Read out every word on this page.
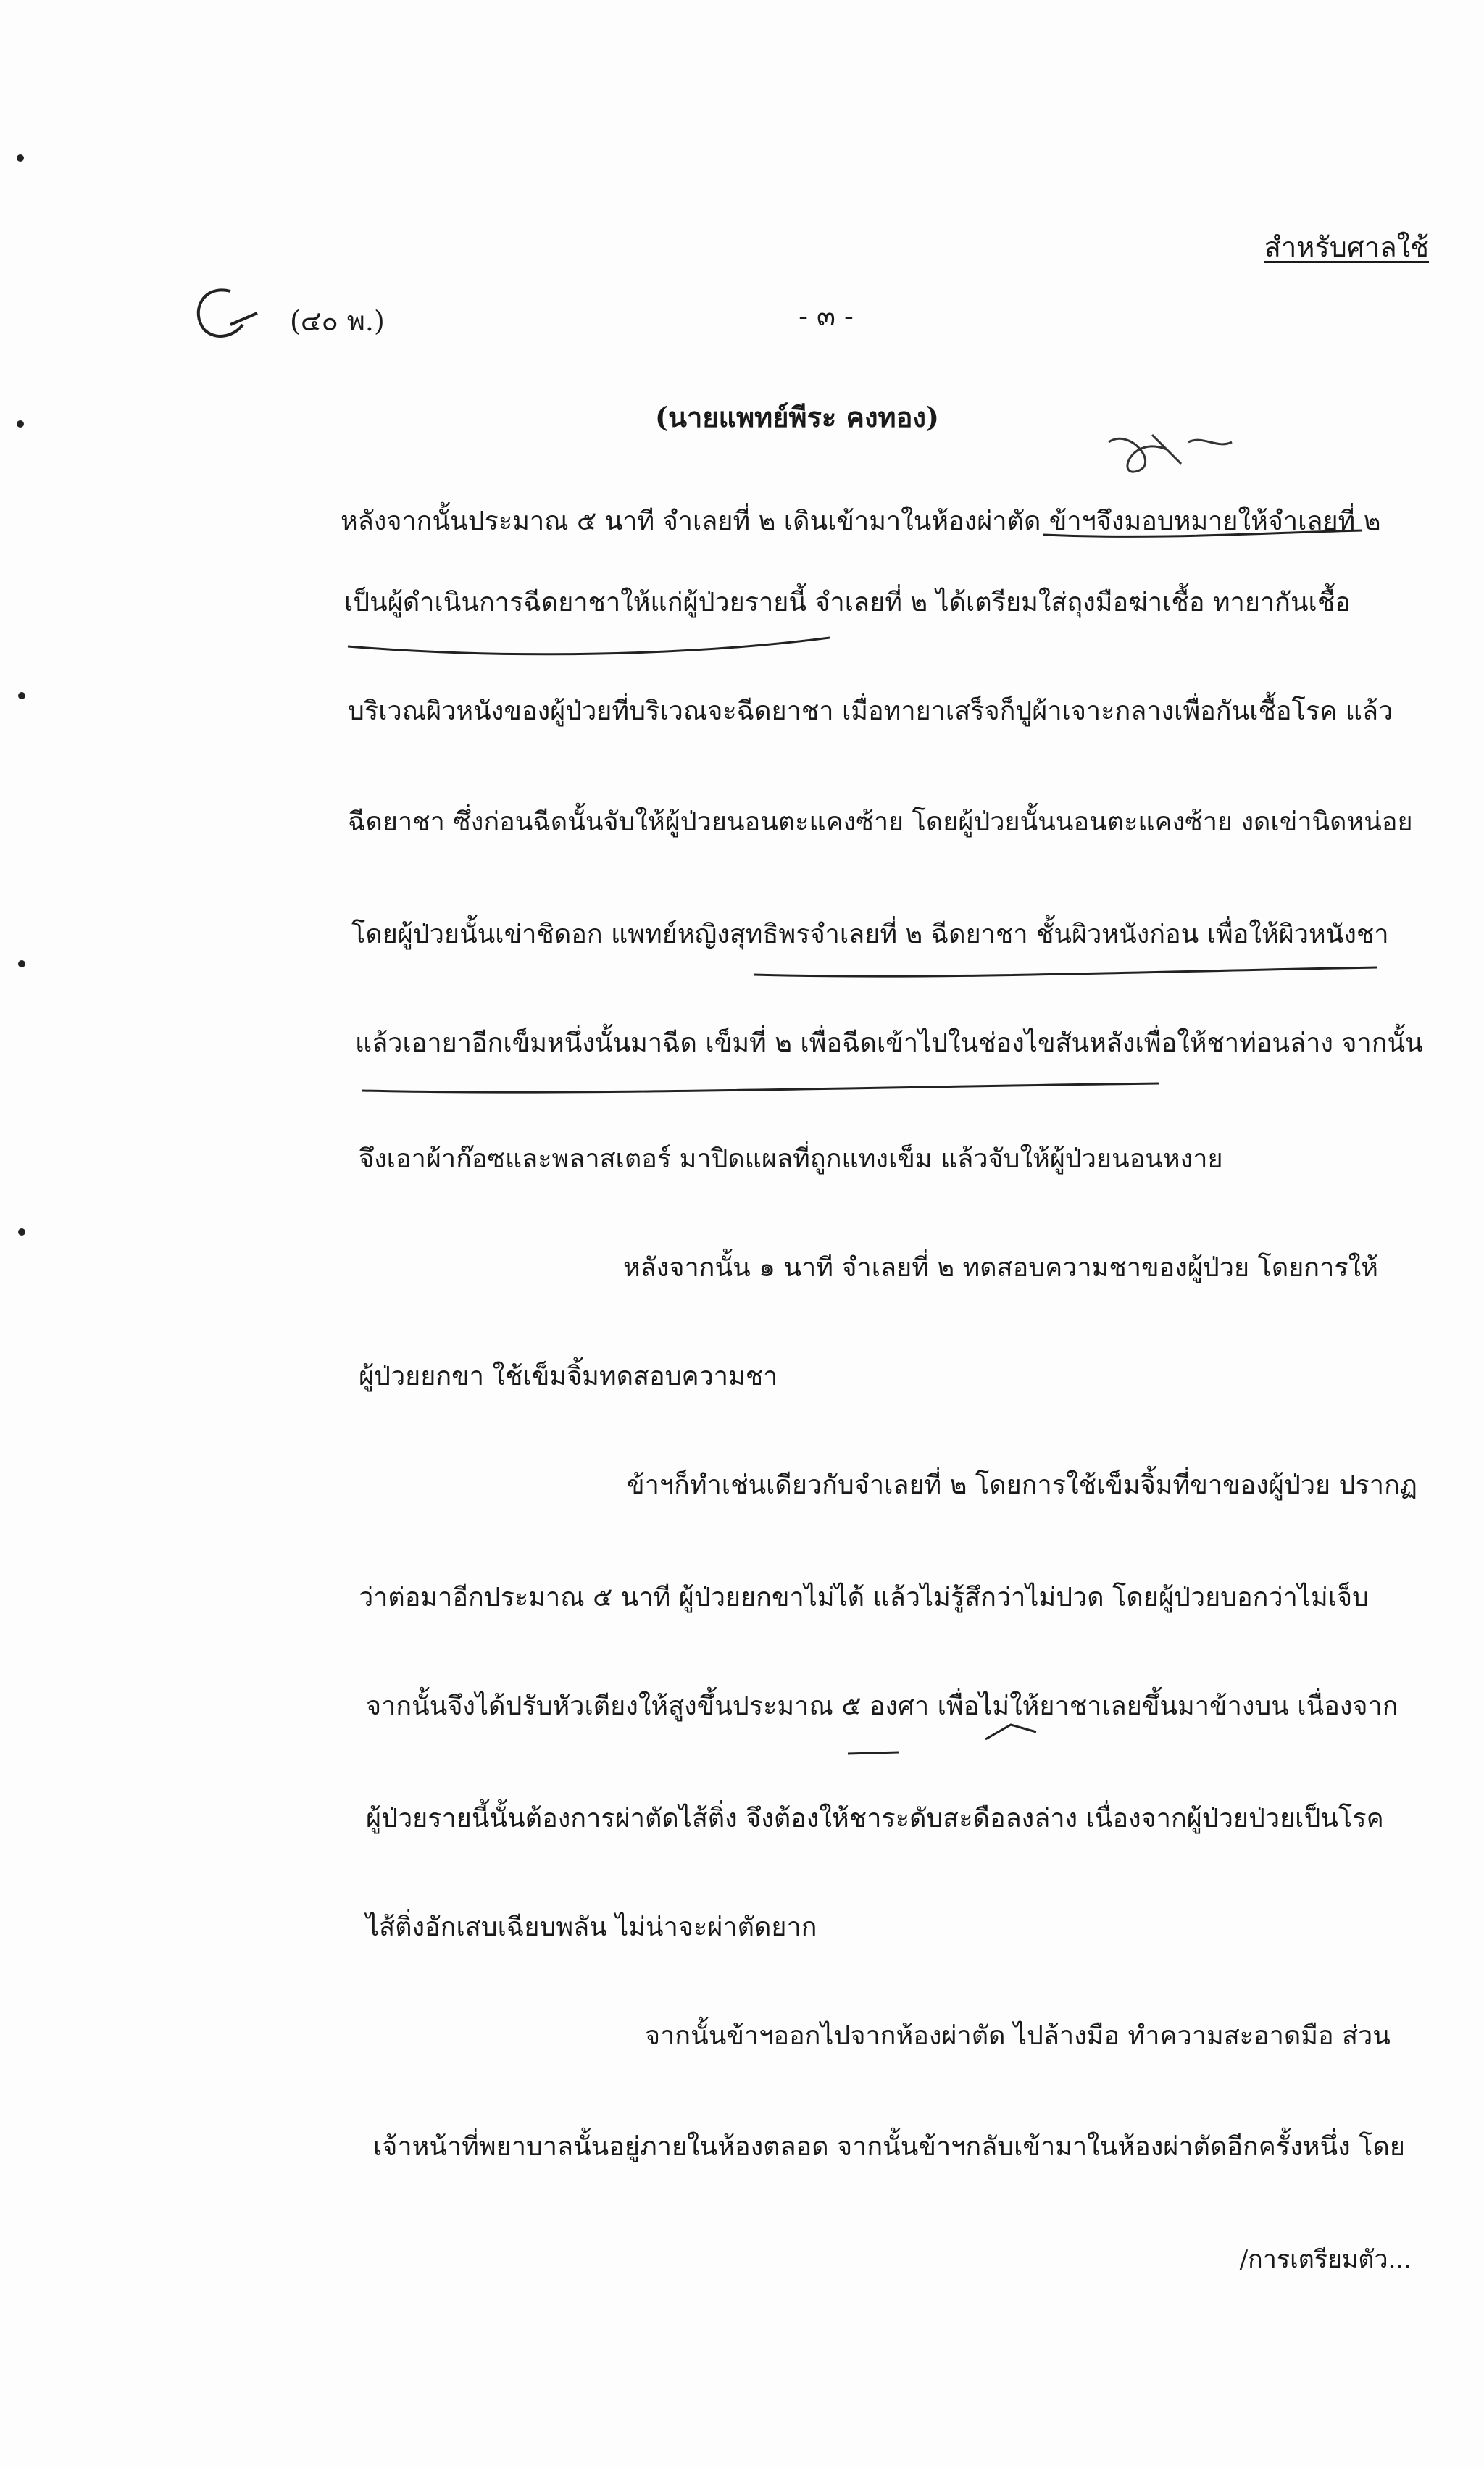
สำหรับศาลใช้
(๔๐ พ.)	- ๓ -
(นายแพทย์พีระ คงทอง)
หลังจากนั้นประมาณ ๕ นาที จำเลยที่ ๒ เดินเข้ามาในห้องผ่าตัด ข้าฯจึงมอบหมายให้จำเลยที่ ๒
เป็นผู้ดำเนินการฉีดยาชาให้แก่ผู้ป่วยรายนี้ จำเลยที่ ๒ ได้เตรียมใส่ถุงมือฆ่าเชื้อ ทายากันเชื้อ
บริเวณผิวหนังของผู้ป่วยที่บริเวณจะฉีดยาชา เมื่อทายาเสร็จก็ปูผ้าเจาะกลางเพื่อกันเชื้อโรค แล้ว
ฉีดยาชา ซึ่งก่อนฉีดนั้นจับให้ผู้ป่วยนอนตะแคงซ้าย โดยผู้ป่วยนั้นนอนตะแคงซ้าย งดเข่านิดหน่อย
โดยผู้ป่วยนั้นเข่าชิดอก แพทย์หญิงสุทธิพรจำเลยที่ ๒ ฉีดยาชา ชั้นผิวหนังก่อน เพื่อให้ผิวหนังชา
แล้วเอายาอีกเข็มหนึ่งนั้นมาฉีด เข็มที่ ๒ เพื่อฉีดเข้าไปในช่องไขสันหลังเพื่อให้ชาท่อนล่าง จากนั้น
จึงเอาผ้าก๊อซและพลาสเตอร์ มาปิดแผลที่ถูกแทงเข็ม แล้วจับให้ผู้ป่วยนอนหงาย
หลังจากนั้น ๑ นาที จำเลยที่ ๒ ทดสอบความชาของผู้ป่วย โดยการให้
ผู้ป่วยยกขา ใช้เข็มจิ้มทดสอบความชา
ข้าฯก็ทำเช่นเดียวกับจำเลยที่ ๒ โดยการใช้เข็มจิ้มที่ขาของผู้ป่วย ปรากฏ
ว่าต่อมาอีกประมาณ ๕ นาที ผู้ป่วยยกขาไม่ได้ แล้วไม่รู้สึกว่าไม่ปวด โดยผู้ป่วยบอกว่าไม่เจ็บ
จากนั้นจึงได้ปรับหัวเตียงให้สูงขึ้นประมาณ ๕ องศา เพื่อไม่ให้ยาชาเลยขึ้นมาข้างบน เนื่องจาก
ผู้ป่วยรายนี้นั้นต้องการผ่าตัดไส้ติ่ง จึงต้องให้ชาระดับสะดือลงล่าง เนื่องจากผู้ป่วยป่วยเป็นโรค
ไส้ติ่งอักเสบเฉียบพลัน ไม่น่าจะผ่าตัดยาก
จากนั้นข้าฯออกไปจากห้องผ่าตัด ไปล้างมือ ทำความสะอาดมือ ส่วน
เจ้าหน้าที่พยาบาลนั้นอยู่ภายในห้องตลอด จากนั้นข้าฯกลับเข้ามาในห้องผ่าตัดอีกครั้งหนึ่ง โดย
/การเตรียมตัว...
